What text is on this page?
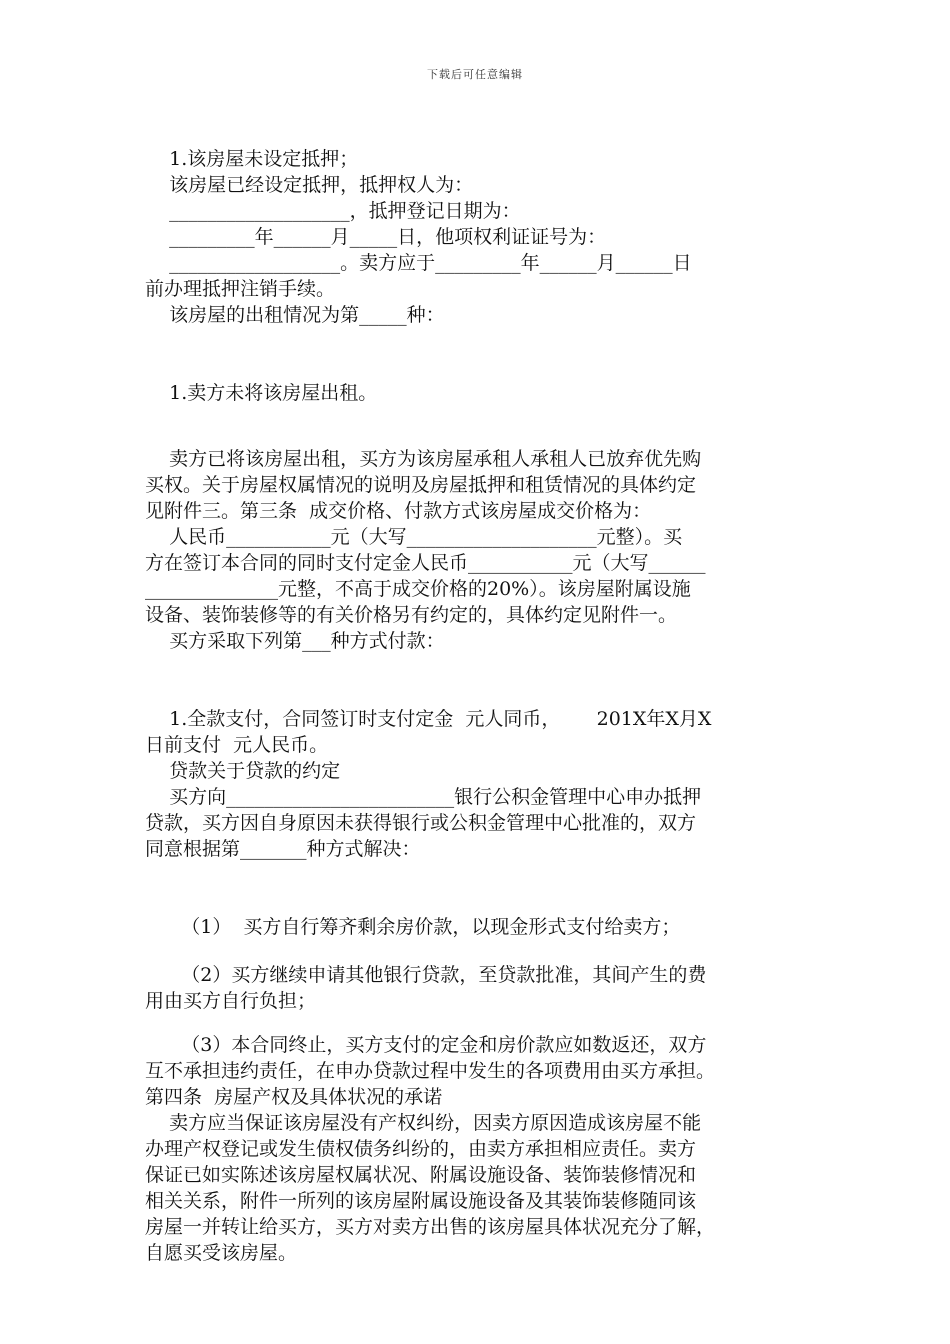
下载后可任意编辑
1.该房屋未设定抵押；
该房屋已经设定抵押，抵押权人为：
___________________，抵押登记日期为：
_________年______月_____日，他项权利证证号为：
__________________。卖方应于_________年______月______日
前办理抵押注销手续。
该房屋的出租情况为第_____种：
1.卖方未将该房屋出租。
卖方已将该房屋出租，买方为该房屋承租人承租人已放弃优先购
买权。关于房屋权属情况的说明及房屋抵押和租赁情况的具体约定
见附件三。第三条  成交价格、付款方式该房屋成交价格为：
人民币___________元（大写____________________元整）。买
方在签订本合同的同时支付定金人民币___________元（大写______
______________元整，不高于成交价格的20%）。该房屋附属设施
设备、装饰装修等的有关价格另有约定的，具体约定见附件一。
买方采取下列第___种方式付款：
1.全款支付，合同签订时支付定金  元人同币，      201X年X月X
日前支付  元人民币。
贷款关于贷款的约定
买方向________________________银行公积金管理中心申办抵押
贷款，买方因自身原因未获得银行或公积金管理中心批准的，双方
同意根据第_______种方式解决：
（1）  买方自行筹齐剩余房价款，以现金形式支付给卖方；
（2）买方继续申请其他银行贷款，至贷款批准，其间产生的费
用由买方自行负担；
（3）本合同终止，买方支付的定金和房价款应如数返还，双方
互不承担违约责任，在申办贷款过程中发生的各项费用由买方承担。
第四条  房屋产权及具体状况的承诺
卖方应当保证该房屋没有产权纠纷，因卖方原因造成该房屋不能
办理产权登记或发生债权债务纠纷的，由卖方承担相应责任。卖方
保证已如实陈述该房屋权属状况、附属设施设备、装饰装修情况和
相关关系，附件一所列的该房屋附属设施设备及其装饰装修随同该
房屋一并转让给买方，买方对卖方出售的该房屋具体状况充分了解，
自愿买受该房屋。
